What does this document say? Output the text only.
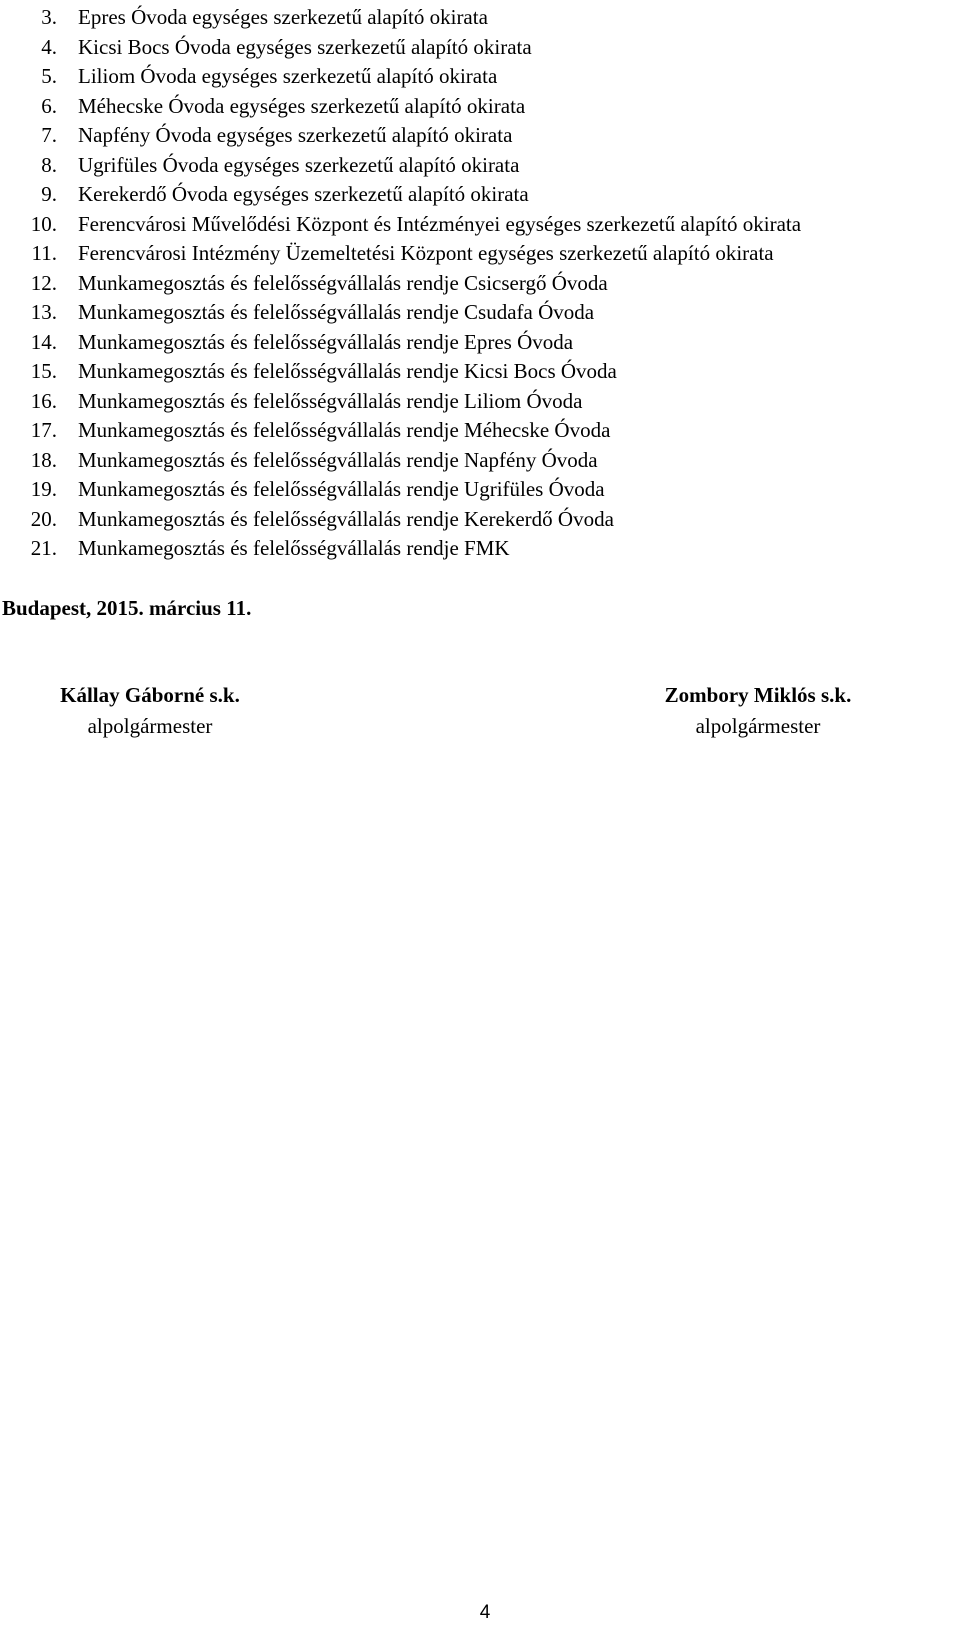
3. Epres Óvoda egységes szerkezetű alapító okirata
4. Kicsi Bocs Óvoda egységes szerkezetű alapító okirata
5. Liliom Óvoda egységes szerkezetű alapító okirata
6. Méhecske Óvoda egységes szerkezetű alapító okirata
7. Napfény Óvoda egységes szerkezetű alapító okirata
8. Ugrifüles Óvoda egységes szerkezetű alapító okirata
9. Kerekerdő Óvoda egységes szerkezetű alapító okirata
10. Ferencvárosi Művelődési Központ és Intézményei egységes szerkezetű alapító okirata
11. Ferencvárosi Intézmény Üzemeltetési Központ egységes szerkezetű alapító okirata
12. Munkamegosztás és felelősségvállalás rendje Csicsergő Óvoda
13. Munkamegosztás és felelősségvállalás rendje Csudafa Óvoda
14. Munkamegosztás és felelősségvállalás rendje Epres Óvoda
15. Munkamegosztás és felelősségvállalás rendje Kicsi Bocs Óvoda
16. Munkamegosztás és felelősségvállalás rendje Liliom Óvoda
17. Munkamegosztás és felelősségvállalás rendje Méhecske Óvoda
18. Munkamegosztás és felelősségvállalás rendje Napfény Óvoda
19. Munkamegosztás és felelősségvállalás rendje Ugrifüles Óvoda
20. Munkamegosztás és felelősségvállalás rendje Kerekerdő Óvoda
21. Munkamegosztás és felelősségvállalás rendje FMK
Budapest, 2015. március 11.
Kállay Gáborné s.k.
alpolgármester
Zombory Miklós s.k.
alpolgármester
4
